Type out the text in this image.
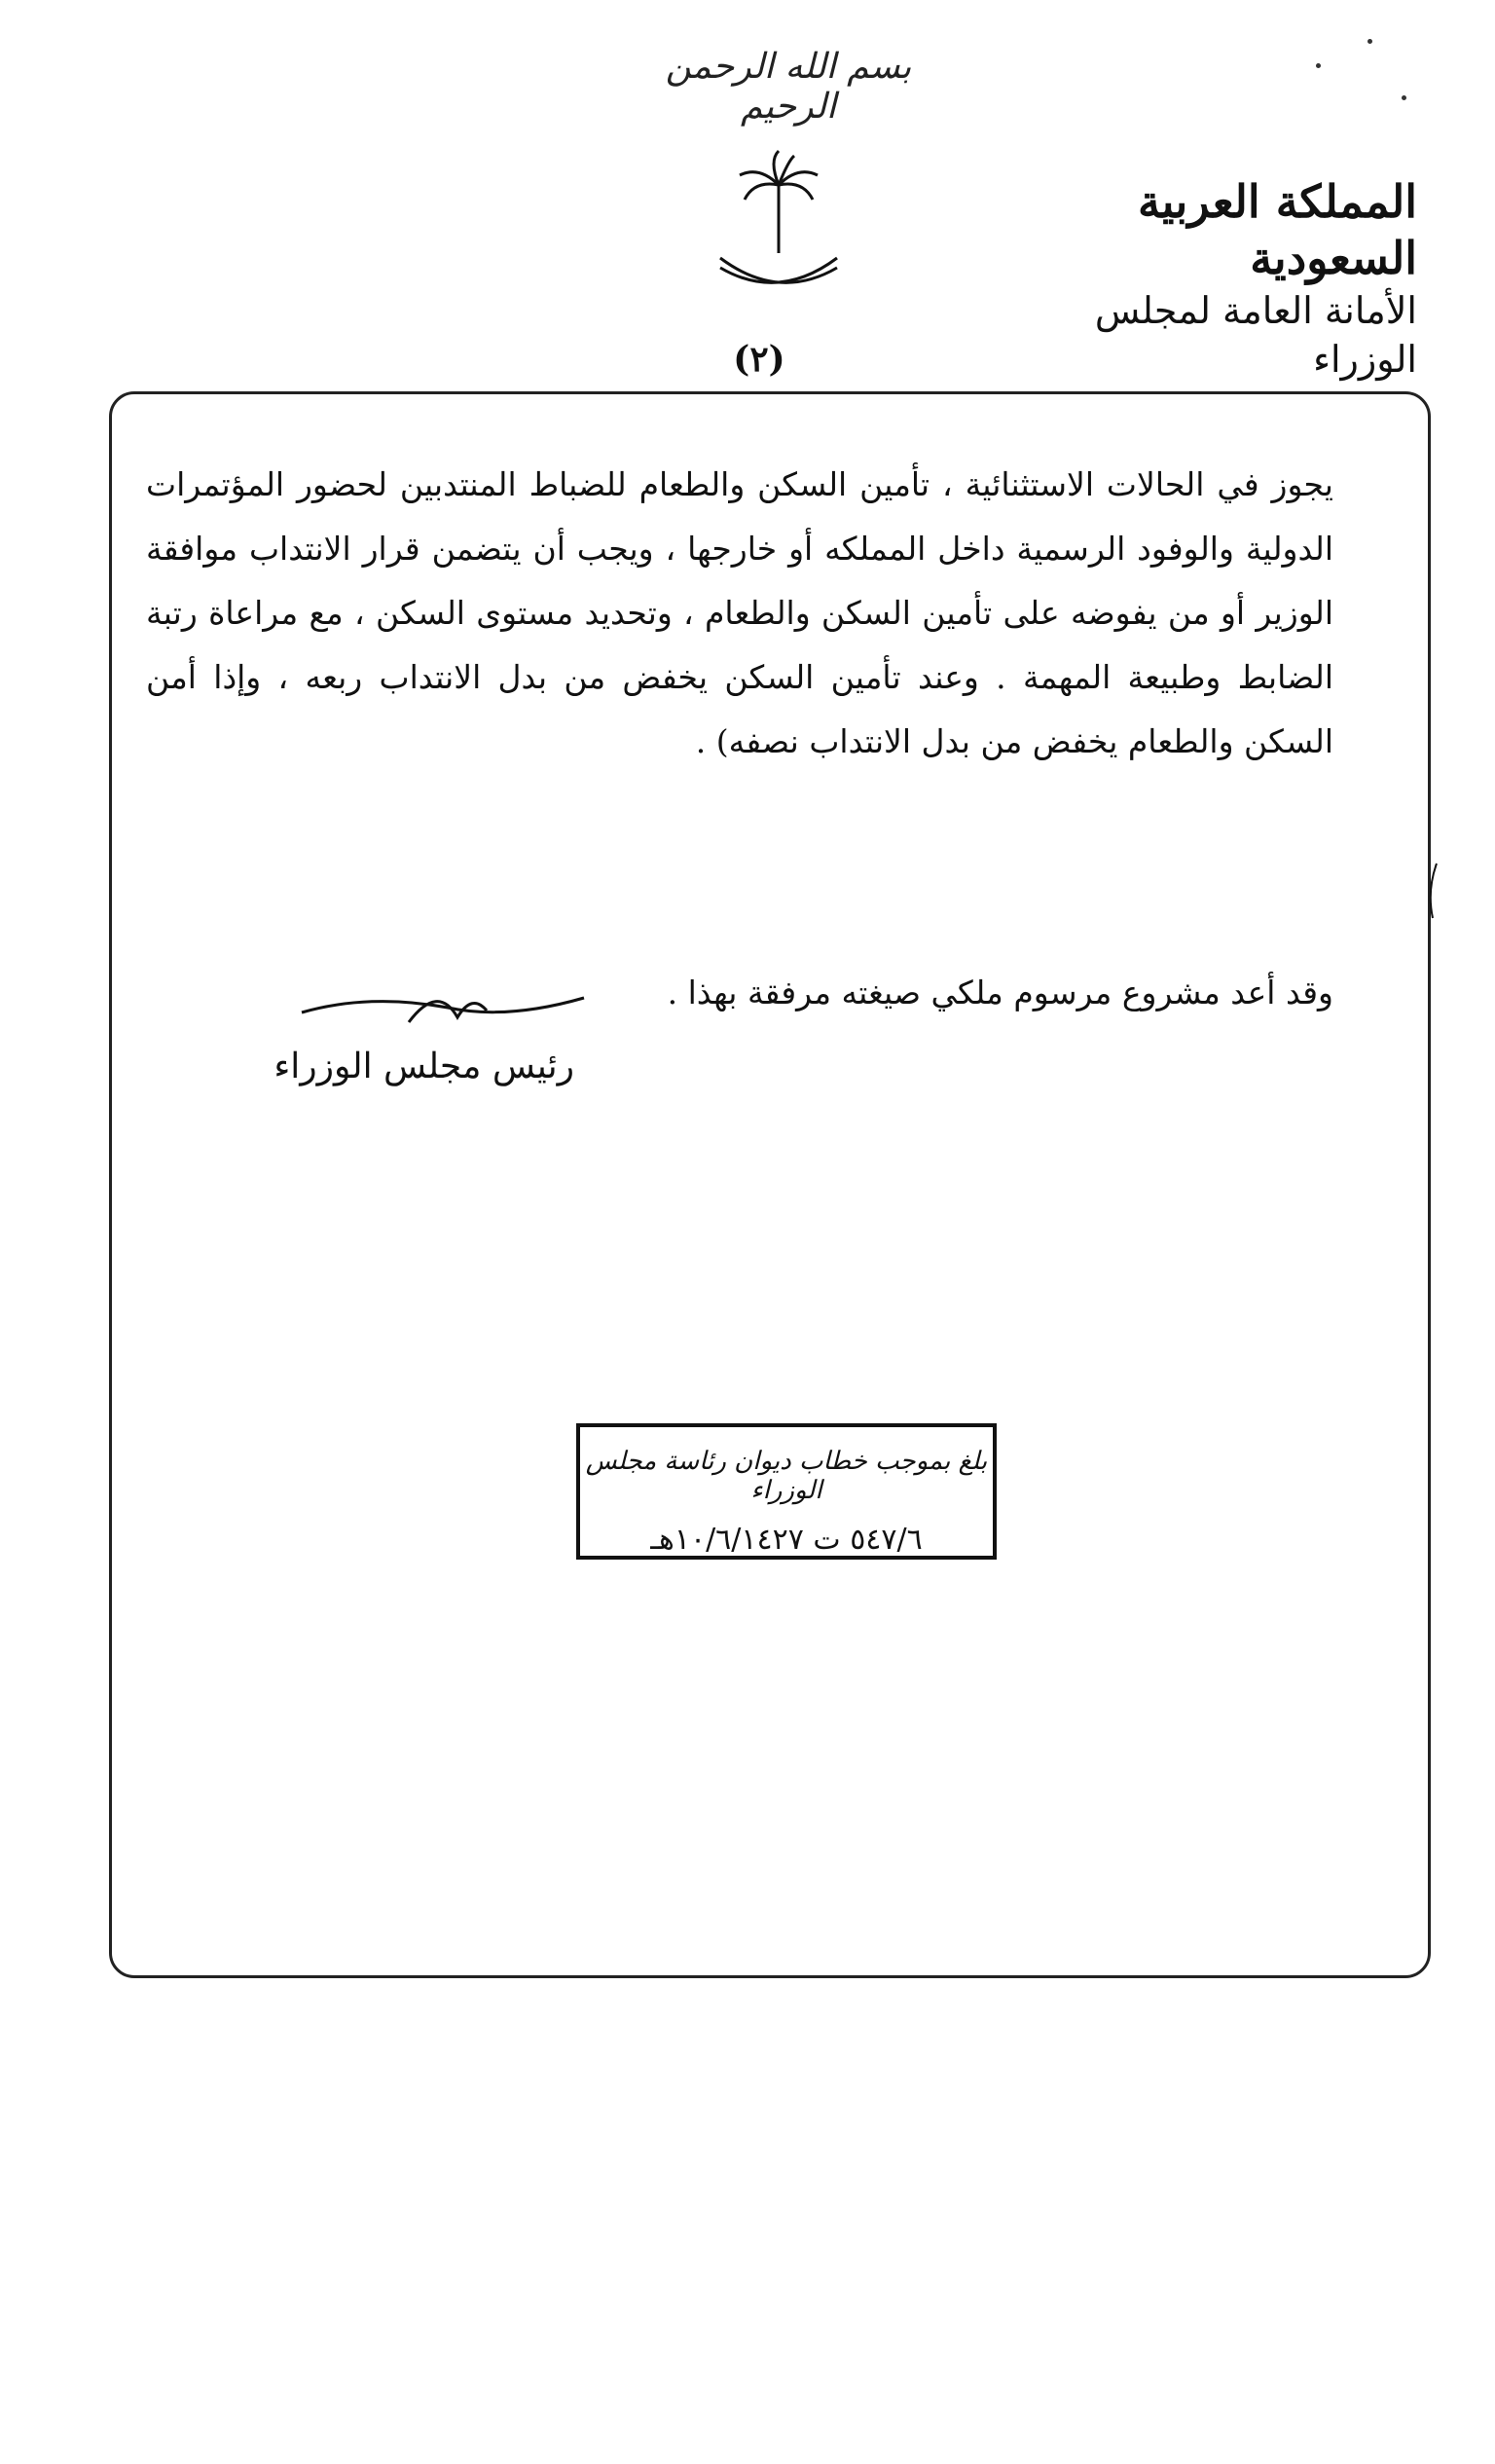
بسم الله الرحمن الرحيم
المملكة العربية السعودية
الأمانة العامة لمجلس الوزراء
(٢)

يجوز في الحالات الاستثنائية ، تأمين السكن والطعام للضباط المنتدبين لحضور المؤتمرات الدولية والوفود الرسمية داخل المملكه أو خارجها ، ويجب أن يتضمن قرار الانتداب موافقة الوزير أو من يفوضه على تأمين السكن والطعام ، وتحديد مستوى السكن ، مع مراعاة رتبة الضابط وطبيعة المهمة . وعند تأمين السكن يخفض من بدل الانتداب ربعه ، وإذا أمن السكن والطعام يخفض من بدل الانتداب نصفه) .

وقد أعد مشروع مرسوم ملكي صيغته مرفقة بهذا .
رئيس مجلس الوزراء
بلغ بموجب خطاب ديوان رئاسة مجلس الوزراء
٥٤٧/٦ ت ١٠/٦/١٤٢٧هـ
